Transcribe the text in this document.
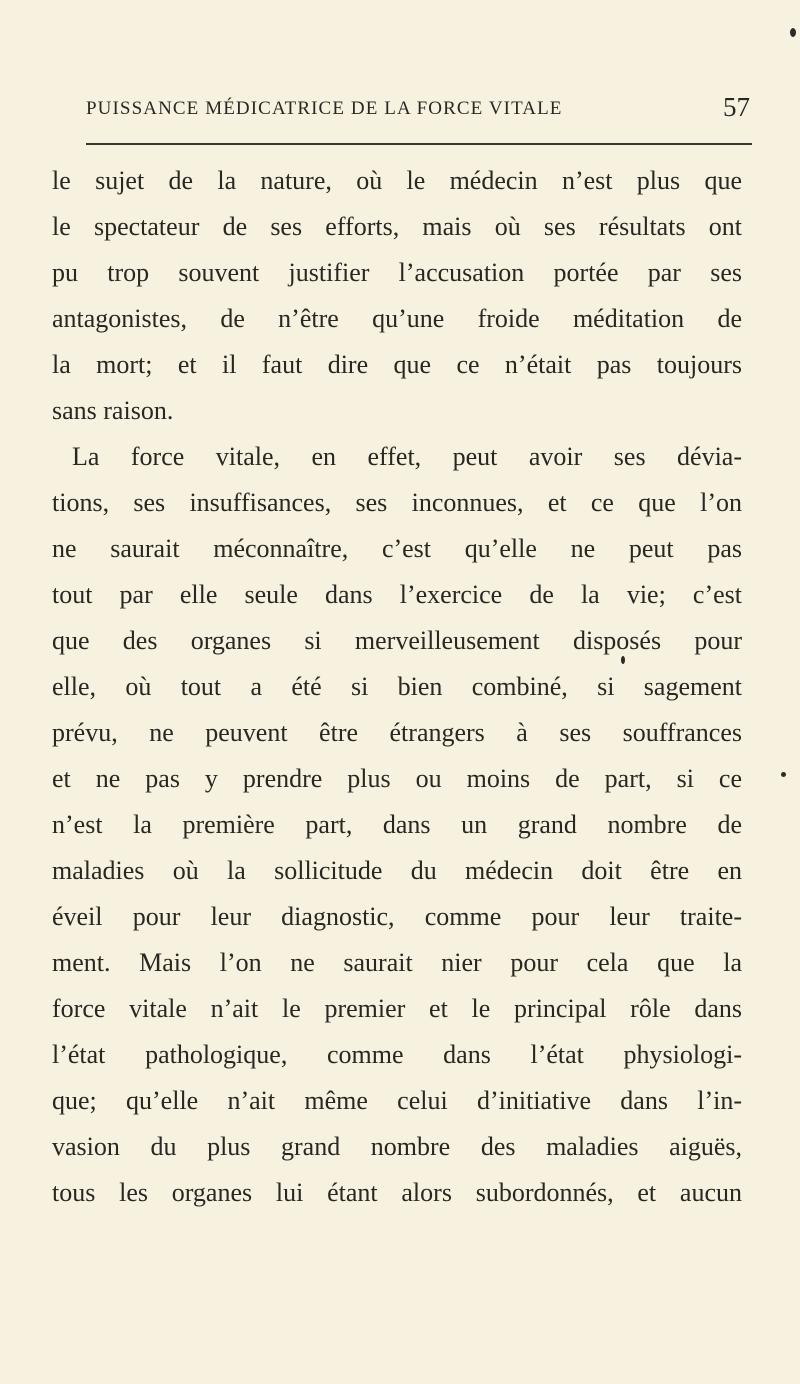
PUISSANCE MÉDICATRICE DE LA FORCE VITALE	57
le sujet de la nature, où le médecin n’est plus que
le spectateur de ses efforts, mais où ses résultats ont
pu trop souvent justifier l’accusation portée par ses
antagonistes, de n’être qu’une froide méditation de
la mort; et il faut dire que ce n’était pas toujours
sans raison.
La force vitale, en effet, peut avoir ses dévia-
tions, ses insuffisances, ses inconnues, et ce que l’on
ne saurait méconnaître, c’est qu’elle ne peut pas
tout par elle seule dans l’exercice de la vie; c’est
que des organes si merveilleusement disposés pour
elle, où tout a été si bien combiné, si sagement
prévu, ne peuvent être étrangers à ses souffrances
et ne pas y prendre plus ou moins de part, si ce
n’est la première part, dans un grand nombre de
maladies où la sollicitude du médecin doit être en
éveil pour leur diagnostic, comme pour leur traite-
ment. Mais l’on ne saurait nier pour cela que la
force vitale n’ait le premier et le principal rôle dans
l’état pathologique, comme dans l’état physiologi-
que; qu’elle n’ait même celui d’initiative dans l’in-
vasion du plus grand nombre des maladies aiguës,
tous les organes lui étant alors subordonnés, et aucun
